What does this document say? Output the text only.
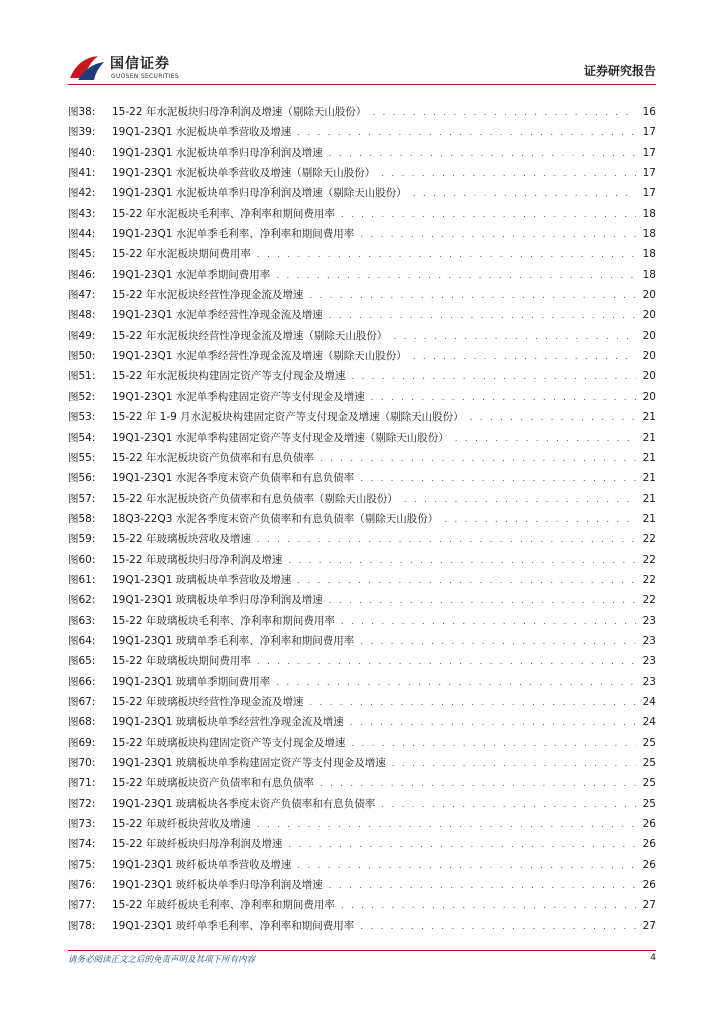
国信证券
GUOSEN SECURITIES	证券研究报告
图38:	15-22 年水泥板块归母净利润及增速（剔除天山股份） . . .	16
图39:	19Q1-23Q1 水泥板块单季营收及增速 . . .	17
图40:	19Q1-23Q1 水泥板块单季归母净利润及增速 . . .	17
图41:	19Q1-23Q1 水泥板块单季营收及增速（剔除天山股份） . . .	17
图42:	19Q1-23Q1 水泥板块单季归母净利润及增速（剔除天山股份） . . .	17
图43:	15-22 年水泥板块毛利率、净利率和期间费用率 . . .	18
图44:	19Q1-23Q1 水泥单季毛利率、净利率和期间费用率 . . .	18
图45:	15-22 年水泥板块期间费用率 . . .	18
图46:	19Q1-23Q1 水泥单季期间费用率 . . .	18
图47:	15-22 年水泥板块经营性净现金流及增速 . . .	20
图48:	19Q1-23Q1 水泥单季经营性净现金流及增速 . . .	20
图49:	15-22 年水泥板块经营性净现金流及增速（剔除天山股份） . . .	20
图50:	19Q1-23Q1 水泥单季经营性净现金流及增速（剔除天山股份） . . .	20
图51:	15-22 年水泥板块构建固定资产等支付现金及增速 . . .	20
图52:	19Q1-23Q1 水泥单季构建固定资产等支付现金及增速 . . .	20
图53:	15-22 年 1-9 月水泥板块构建固定资产等支付现金及增速（剔除天山股份） . . .	21
图54:	19Q1-23Q1 水泥单季构建固定资产等支付现金及增速（剔除天山股份） . . .	21
图55:	15-22 年水泥板块资产负债率和有息负债率 . . .	21
图56:	19Q1-23Q1 水泥各季度末资产负债率和有息负债率 . . .	21
图57:	15-22 年水泥板块资产负债率和有息负债率（剔除天山股份） . . .	21
图58:	18Q3-22Q3 水泥各季度末资产负债率和有息负债率（剔除天山股份） . . .	21
图59:	15-22 年玻璃板块营收及增速 . . .	22
图60:	15-22 年玻璃板块归母净利润及增速 . . .	22
图61:	19Q1-23Q1 玻璃板块单季营收及增速 . . .	22
图62:	19Q1-23Q1 玻璃板块单季归母净利润及增速 . . .	22
图63:	15-22 年玻璃板块毛利率、净利率和期间费用率 . . .	23
图64:	19Q1-23Q1 玻璃单季毛利率、净利率和期间费用率 . . .	23
图65:	15-22 年玻璃板块期间费用率 . . .	23
图66:	19Q1-23Q1 玻璃单季期间费用率 . . .	23
图67:	15-22 年玻璃板块经营性净现金流及增速 . . .	24
图68:	19Q1-23Q1 玻璃板块单季经营性净现金流及增速 . . .	24
图69:	15-22 年玻璃板块构建固定资产等支付现金及增速 . . .	25
图70:	19Q1-23Q1 玻璃板块单季构建固定资产等支付现金及增速 . . .	25
图71:	15-22 年玻璃板块资产负债率和有息负债率 . . .	25
图72:	19Q1-23Q1 玻璃板块各季度末资产负债率和有息负债率 . . .	25
图73:	15-22 年玻纤板块营收及增速 . . .	26
图74:	15-22 年玻纤板块归母净利润及增速 . . .	26
图75:	19Q1-23Q1 玻纤板块单季营收及增速 . . .	26
图76:	19Q1-23Q1 玻纤板块单季归母净利润及增速 . . .	26
图77:	15-22 年玻纤板块毛利率、净利率和期间费用率 . . .	27
图78:	19Q1-23Q1 玻纤单季毛利率、净利率和期间费用率 . . .	27
请务必阅读正文之后的免责声明及其项下所有内容	4
